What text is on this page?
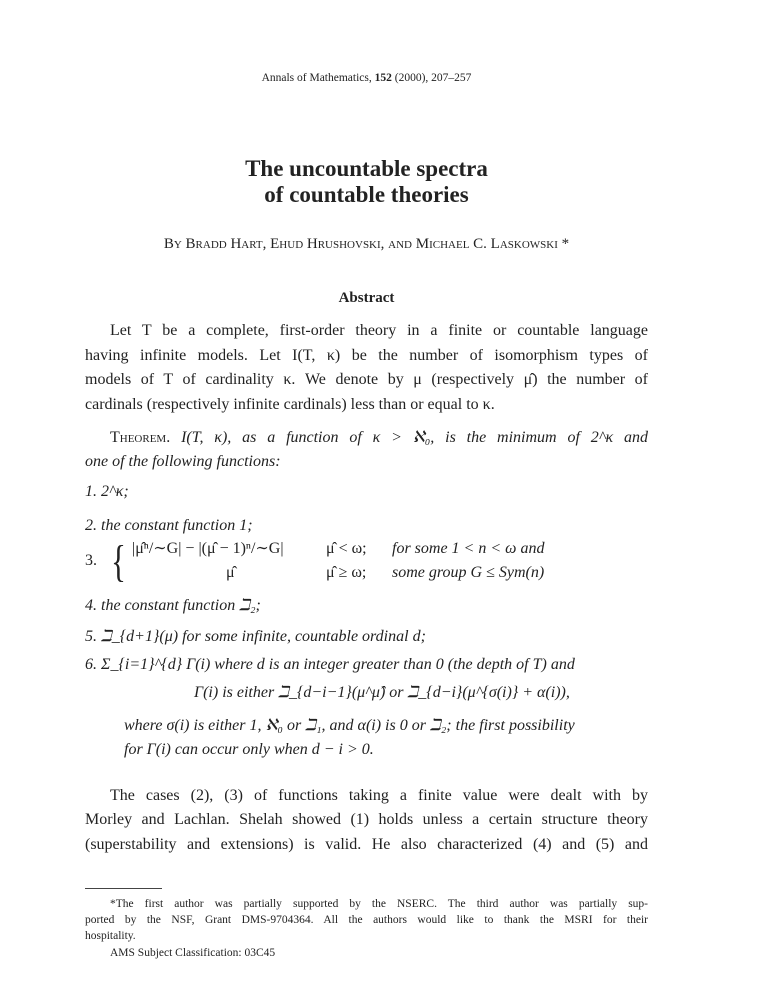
Annals of Mathematics, 152 (2000), 207–257
The uncountable spectra
of countable theories
By Bradd Hart, Ehud Hrushovski, and Michael C. Laskowski *
Abstract
Let T be a complete, first-order theory in a finite or countable language
having infinite models. Let I(T, κ) be the number of isomorphism types of
models of T of cardinality κ. We denote by μ (respectively μ̂) the number of
cardinals (respectively infinite cardinals) less than or equal to κ.
Theorem. I(T, κ), as a function of κ > ℵ₀, is the minimum of 2^κ and
one of the following functions:
1. 2^κ;
2. the constant function 1;
3. { |μ̂ⁿ/∼G| − |(μ̂ − 1)ⁿ/∼G|	μ̂ < ω; for some 1 < n < ω and
μ̂	μ̂ ≥ ω; some group G ≤ Sym(n)
4. the constant function ℶ₂;
5. ℶ_{d+1}(μ) for some infinite, countable ordinal d;
6. Σ_{i=1}^{d} Γ(i) where d is an integer greater than 0 (the depth of T) and
Γ(i) is either ℶ_{d−i−1}(μ^μ̂) or ℶ_{d−i}(μ^{σ(i)} + α(i)),
where σ(i) is either 1, ℵ₀ or ℶ₁, and α(i) is 0 or ℶ₂; the first possibility
for Γ(i) can occur only when d − i > 0.
The cases (2), (3) of functions taking a finite value were dealt with by
Morley and Lachlan. Shelah showed (1) holds unless a certain structure theory
(superstability and extensions) is valid. He also characterized (4) and (5) and
*The first author was partially supported by the NSERC. The third author was partially sup-
ported by the NSF, Grant DMS-9704364. All the authors would like to thank the MSRI for their
hospitality.
AMS Subject Classification: 03C45
